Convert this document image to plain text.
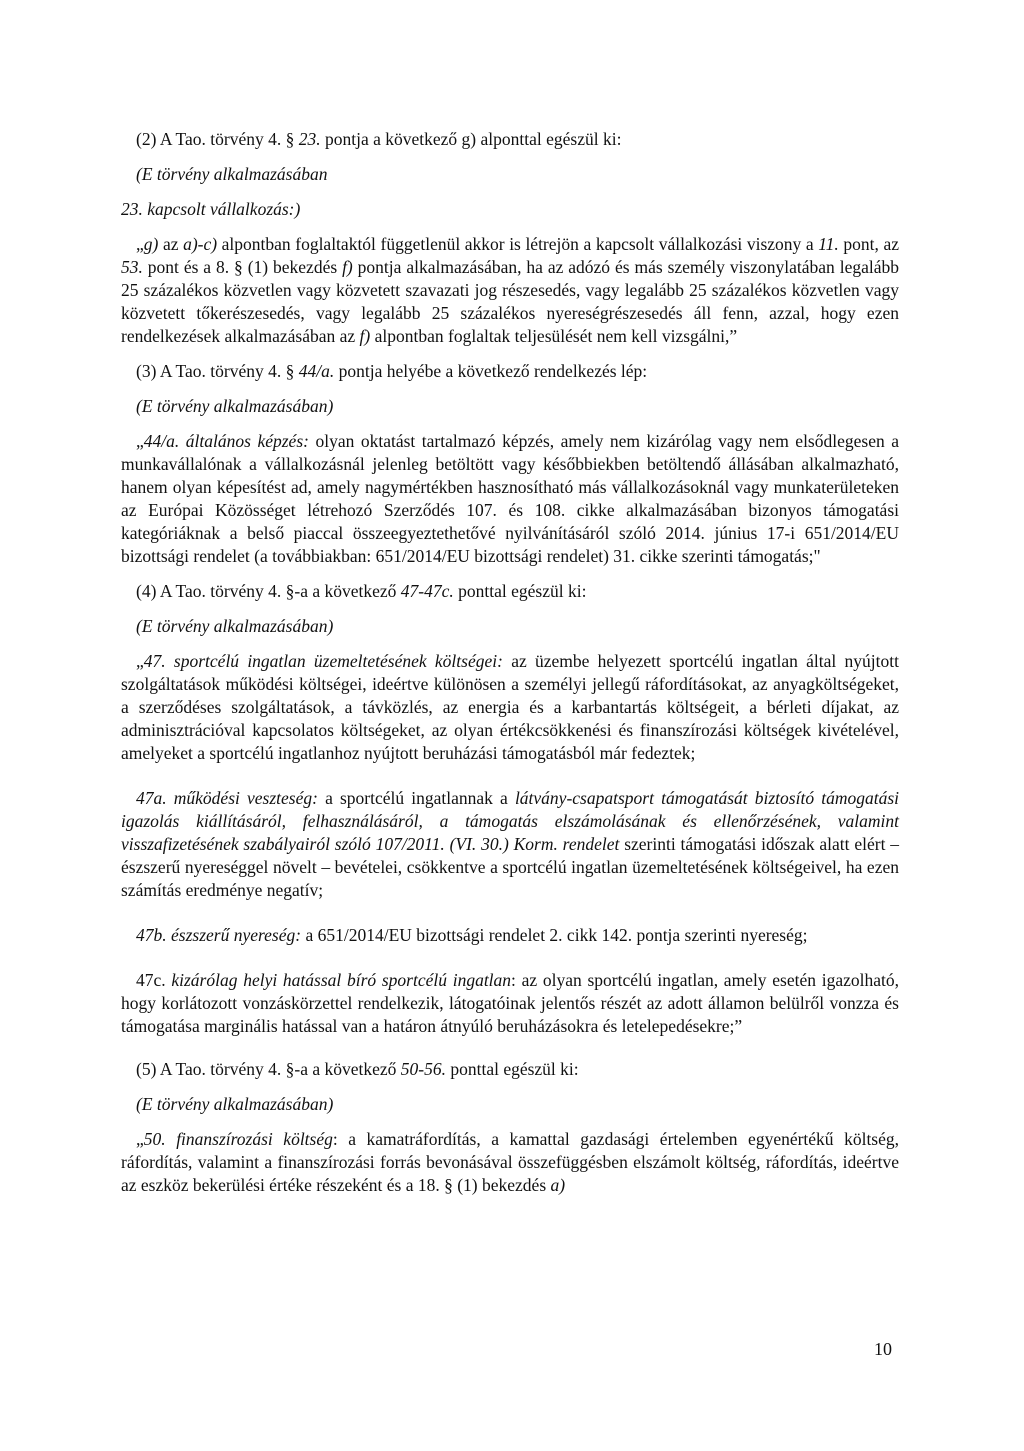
(2) A Tao. törvény 4. § 23. pontja a következő g) alponttal egészül ki:

(E törvény alkalmazásában

23. kapcsolt vállalkozás:)

„g) az a)-c) alpontban foglaltaktól függetlenül akkor is létrejön a kapcsolt vállalkozási viszony a 11. pont, az 53. pont és a 8. § (1) bekezdés f) pontja alkalmazásában, ha az adózó és más személy viszonylatában legalább 25 százalékos közvetlen vagy közvetett szavazati jog részesedés, vagy legalább 25 százalékos közvetlen vagy közvetett tőkerészesedés, vagy legalább 25 százalékos nyereségrészesedés áll fenn, azzal, hogy ezen rendelkezések alkalmazásában az f) alpontban foglaltak teljesülését nem kell vizsgálni,”

(3) A Tao. törvény 4. § 44/a. pontja helyébe a következő rendelkezés lép:

(E törvény alkalmazásában)

„44/a. általános képzés: olyan oktatást tartalmazó képzés, amely nem kizárólag vagy nem elsődlegesen a munkavállalónak a vállalkozásnál jelenleg betöltött vagy későbbiekben betöltendő állásában alkalmazható, hanem olyan képesítést ad, amely nagymértékben hasznosítható más vállalkozásoknál vagy munkaterületeken az Európai Közösséget létrehozó Szerződés 107. és 108. cikke alkalmazásában bizonyos támogatási kategóriáknak a belső piaccal összeegyeztethetővé nyilvánításáról szóló 2014. június 17-i 651/2014/EU bizottsági rendelet (a továbbiakban: 651/2014/EU bizottsági rendelet) 31. cikke szerinti támogatás;"

(4) A Tao. törvény 4. §-a a következő 47-47c. ponttal egészül ki:

(E törvény alkalmazásában)

„47. sportcélú ingatlan üzemeltetésének költségei: az üzembe helyezett sportcélú ingatlan által nyújtott szolgáltatások működési költségei, ideértve különösen a személyi jellegű ráfordításokat, az anyagköltségeket, a szerződéses szolgáltatások, a távközlés, az energia és a karbantartás költségeit, a bérleti díjakat, az adminisztrációval kapcsolatos költségeket, az olyan értékcsökkenési és finanszírozási költségek kivételével, amelyeket a sportcélú ingatlanhoz nyújtott beruházási támogatásból már fedeztek;

47a. működési veszteség: a sportcélú ingatlannak a látvány-csapatsport támogatását biztosító támogatási igazolás kiállításáról, felhasználásáról, a támogatás elszámolásának és ellenőrzésének, valamint visszafizetésének szabályairól szóló 107/2011. (VI. 30.) Korm. rendelet szerinti támogatási időszak alatt elért – észszerű nyereséggel növelt – bevételei, csökkentve a sportcélú ingatlan üzemeltetésének költségeivel, ha ezen számítás eredménye negatív;

47b. észszerű nyereség: a 651/2014/EU bizottsági rendelet 2. cikk 142. pontja szerinti nyereség;

47c. kizárólag helyi hatással bíró sportcélú ingatlan: az olyan sportcélú ingatlan, amely esetén igazolható, hogy korlátozott vonzáskörzettel rendelkezik, látogatóinak jelentős részét az adott államon belülről vonzza és támogatása marginális hatással van a határon átnyúló beruházásokra és letelepedésekre;”

(5) A Tao. törvény 4. §-a a következő 50-56. ponttal egészül ki:

(E törvény alkalmazásában)

„50. finanszírozási költség: a kamatráfordítás, a kamattal gazdasági értelemben egyenértékű költség, ráfordítás, valamint a finanszírozási forrás bevonásával összefüggésben elszámolt költség, ráfordítás, ideértve az eszköz bekerülési értéke részeként és a 18. § (1) bekezdés a)

10
